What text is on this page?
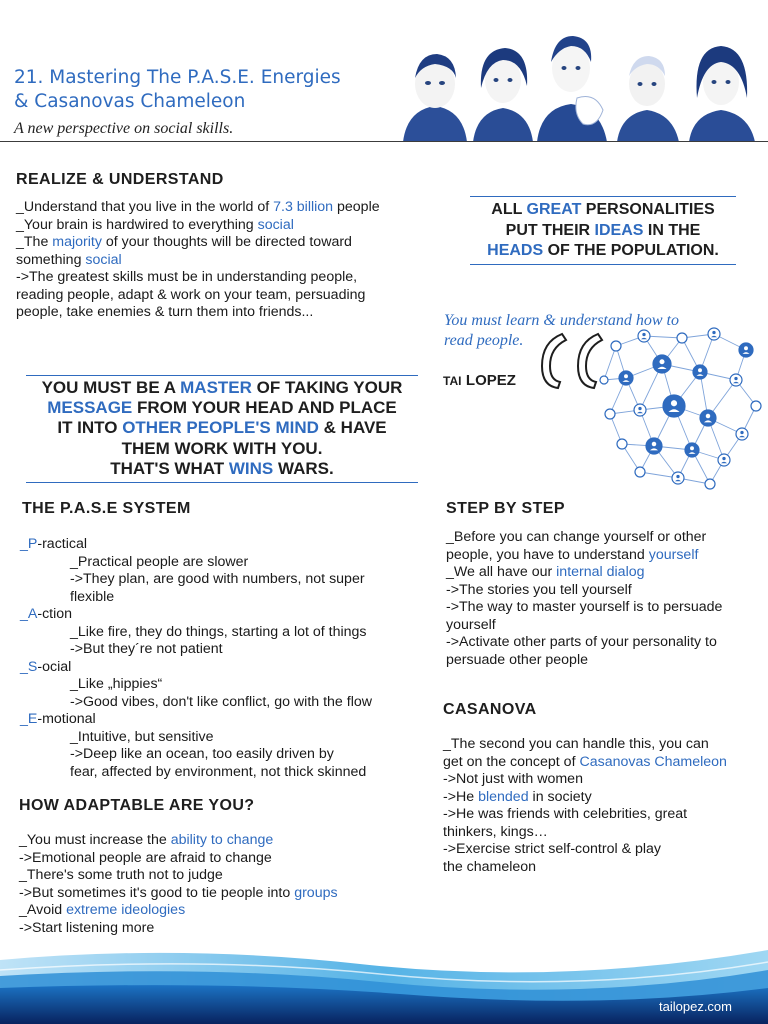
21. Mastering The P.A.S.E. Energies
& Casanovas Chameleon
A new perspective on social skills.
REALIZE & UNDERSTAND
_Understand that you live in the world of 7.3 billion people
_Your brain is hardwired to everything social
_The majority of your thoughts will be directed toward
something social
->The greatest skills must be in understanding people,
reading people, adapt & work on your team, persuading
people, take enemies & turn them into friends...
ALL GREAT PERSONALITIES
PUT THEIR IDEAS IN THE
HEADS OF THE POPULATION.
You must learn & understand how to
read people.
TAI LOPEZ
YOU MUST BE A MASTER OF TAKING YOUR
MESSAGE FROM YOUR HEAD AND PLACE
IT INTO OTHER PEOPLE'S MIND & HAVE
THEM WORK WITH YOU.
THAT'S WHAT WINS WARS.
THE P.A.S.E SYSTEM
_P-ractical
_Practical people are slower
->They plan, are good with numbers, not super
flexible
_A-ction
_Like fire, they do things, starting a lot of things
->But they´re not patient
_S-ocial
_Like „hippies“
->Good vibes, don't like conflict, go with the flow
_E-motional
_Intuitive, but sensitive
->Deep like an ocean, too easily driven by
fear, affected by environment, not thick skinned
HOW ADAPTABLE ARE YOU?
_You must increase the ability to change
->Emotional people are afraid to change
_There's some truth not to judge
->But sometimes it's good to tie people into groups
_Avoid extreme ideologies
->Start listening more
STEP BY STEP
_Before you can change yourself or other
people, you have to understand yourself
_We all have our internal dialog
->The stories you tell yourself
->The way to master yourself is to persuade
yourself
->Activate other parts of your personality to
persuade other people
CASANOVA
_The second you can handle this, you can
get on the concept of Casanovas Chameleon
->Not just with women
->He blended in society
->He was friends with celebrities, great
thinkers, kings…
->Exercise strict self-control & play
the chameleon
tailopez.com
